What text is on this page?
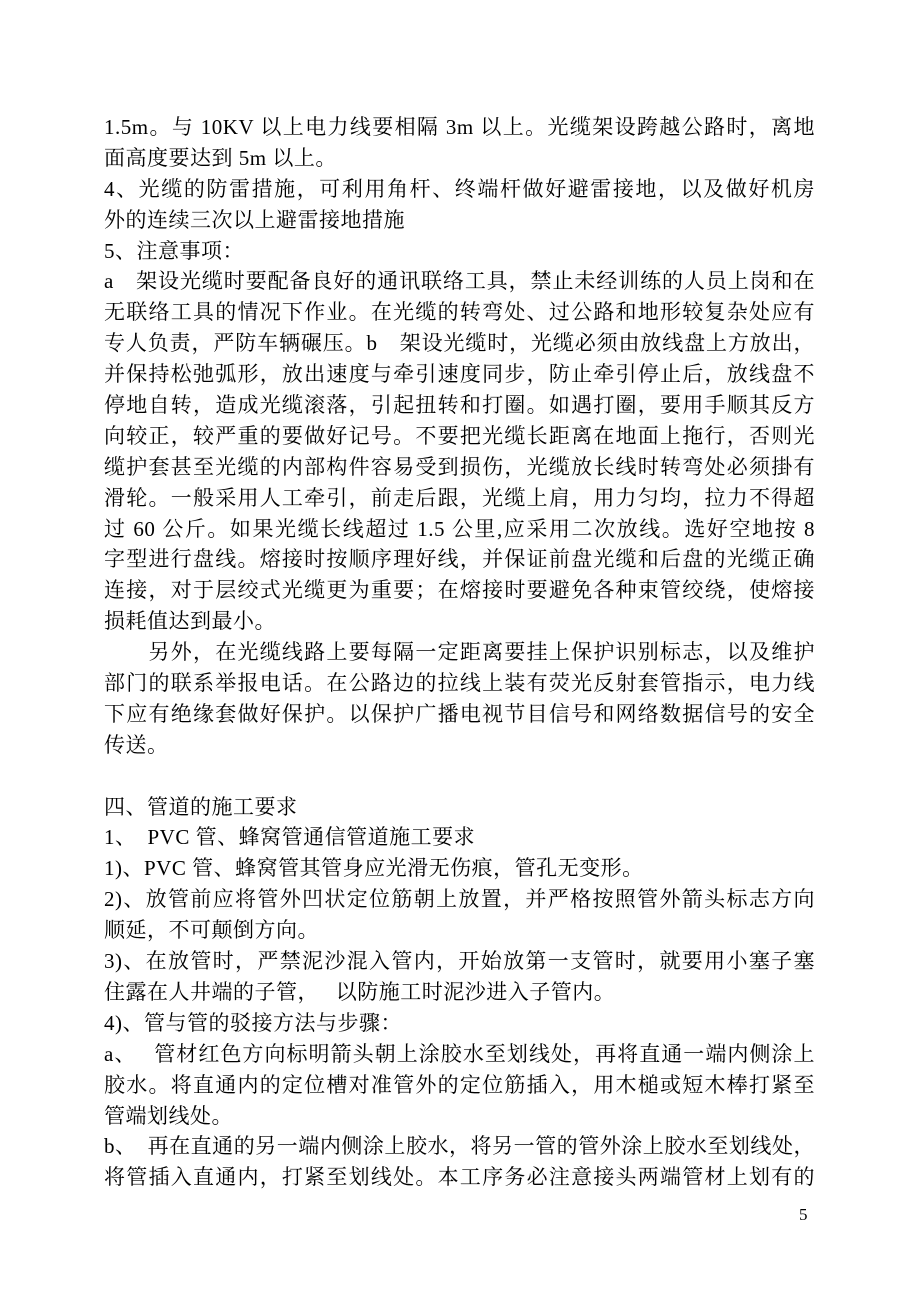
1.5m。与 10KV 以上电力线要相隔 3m 以上。光缆架设跨越公路时，离地
面高度要达到 5m 以上。
4、光缆的防雷措施，可利用角杆、终端杆做好避雷接地，以及做好机房
外的连续三次以上避雷接地措施
5、注意事项：
a　架设光缆时要配备良好的通讯联络工具，禁止未经训练的人员上岗和在
无联络工具的情况下作业。在光缆的转弯处、过公路和地形较复杂处应有
专人负责，严防车辆碾压。b　架设光缆时，光缆必须由放线盘上方放出，
并保持松弛弧形，放出速度与牵引速度同步，防止牵引停止后，放线盘不
停地自转，造成光缆滚落，引起扭转和打圈。如遇打圈，要用手顺其反方
向较正，较严重的要做好记号。不要把光缆长距离在地面上拖行，否则光
缆护套甚至光缆的内部构件容易受到损伤，光缆放长线时转弯处必须掛有
滑轮。一般采用人工牵引，前走后跟，光缆上肩，用力匀均，拉力不得超
过 60 公斤。如果光缆长线超过 1.5 公里,应采用二次放线。选好空地按 8
字型进行盘线。熔接时按顺序理好线，并保证前盘光缆和后盘的光缆正确
连接，对于层绞式光缆更为重要；在熔接时要避免各种束管绞绕，使熔接
损耗值达到最小。
　　另外，在光缆线路上要每隔一定距离要挂上保护识别标志，以及维护
部门的联系举报电话。在公路边的拉线上装有荧光反射套管指示，电力线
下应有绝缘套做好保护。以保护广播电视节目信号和网络数据信号的安全
传送。

四、管道的施工要求
1、　PVC 管、蜂窝管通信管道施工要求
1)、PVC 管、蜂窝管其管身应光滑无伤痕，管孔无变形。
2)、放管前应将管外凹状定位筋朝上放置，并严格按照管外箭头标志方向
顺延，不可颠倒方向。
3)、在放管时，严禁泥沙混入管内，开始放第一支管时，就要用小塞子塞
住露在人井端的子管，　 以防施工时泥沙进入子管内。
4)、管与管的驳接方法与步骤：
a、　 管材红色方向标明箭头朝上涂胶水至划线处，再将直通一端内侧涂上
胶水。将直通内的定位槽对准管外的定位筋插入，用木槌或短木棒打紧至
管端划线处。
b、　再在直通的另一端内侧涂上胶水，将另一管的管外涂上胶水至划线处，
将管插入直通内，打紧至划线处。本工序务必注意接头两端管材上划有的
5
